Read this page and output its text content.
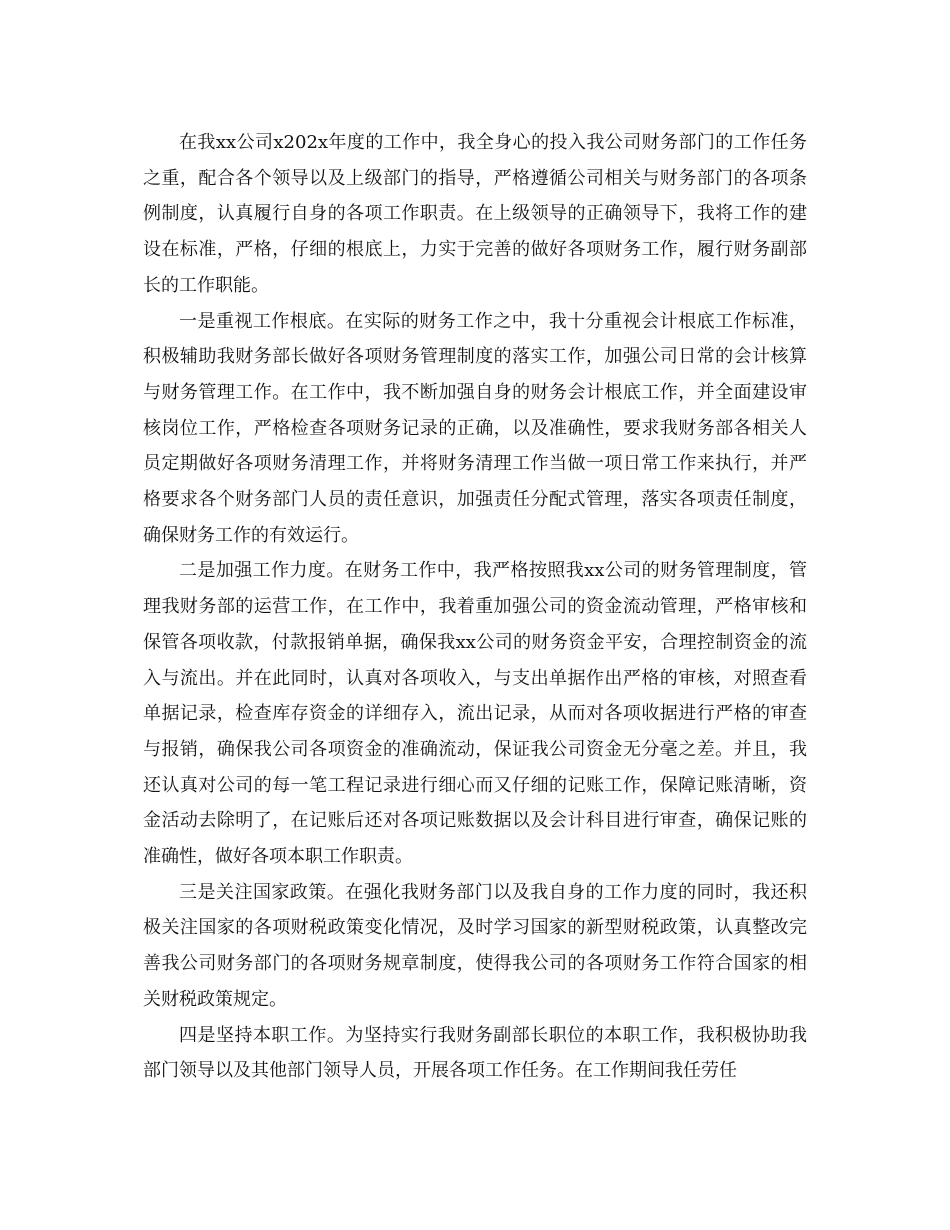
在我xx公司x202x年度的工作中，我全身心的投入我公司财务部门的工作任务之重，配合各个领导以及上级部门的指导，严格遵循公司相关与财务部门的各项条例制度，认真履行自身的各项工作职责。在上级领导的正确领导下，我将工作的建设在标准，严格，仔细的根底上，力实于完善的做好各项财务工作，履行财务副部长的工作职能。

一是重视工作根底。在实际的财务工作之中，我十分重视会计根底工作标准，积极辅助我财务部长做好各项财务管理制度的落实工作，加强公司日常的会计核算与财务管理工作。在工作中，我不断加强自身的财务会计根底工作，并全面建设审核岗位工作，严格检查各项财务记录的正确，以及准确性，要求我财务部各相关人员定期做好各项财务清理工作，并将财务清理工作当做一项日常工作来执行，并严格要求各个财务部门人员的责任意识，加强责任分配式管理，落实各项责任制度，确保财务工作的有效运行。

二是加强工作力度。在财务工作中，我严格按照我xx公司的财务管理制度，管理我财务部的运营工作，在工作中，我着重加强公司的资金流动管理，严格审核和保管各项收款，付款报销单据，确保我xx公司的财务资金平安，合理控制资金的流入与流出。并在此同时，认真对各项收入，与支出单据作出严格的审核，对照查看单据记录，检查库存资金的详细存入，流出记录，从而对各项收据进行严格的审查与报销，确保我公司各项资金的准确流动，保证我公司资金无分毫之差。并且，我还认真对公司的每一笔工程记录进行细心而又仔细的记账工作，保障记账清晰，资金活动去除明了，在记账后还对各项记账数据以及会计科目进行审查，确保记账的准确性，做好各项本职工作职责。

三是关注国家政策。在强化我财务部门以及我自身的工作力度的同时，我还积极关注国家的各项财税政策变化情况，及时学习国家的新型财税政策，认真整改完善我公司财务部门的各项财务规章制度，使得我公司的各项财务工作符合国家的相关财税政策规定。

四是坚持本职工作。为坚持实行我财务副部长职位的本职工作，我积极协助我部门领导以及其他部门领导人员，开展各项工作任务。在工作期间我任劳任
